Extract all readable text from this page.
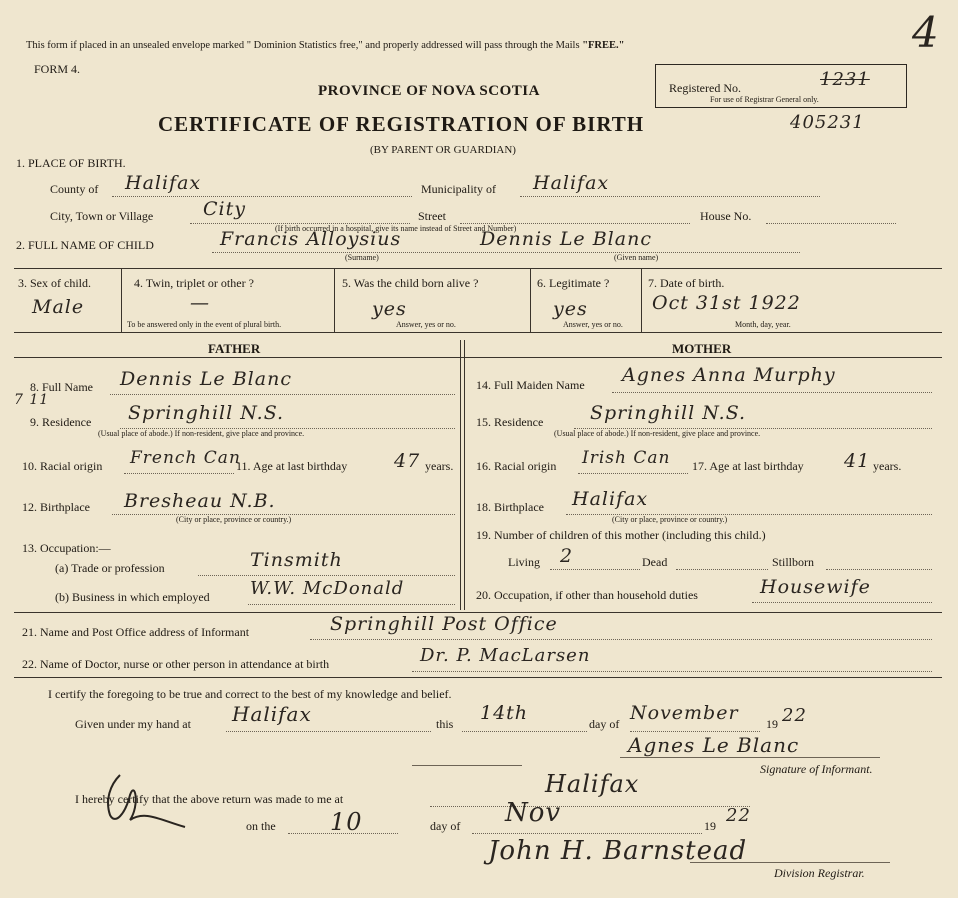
This form if placed in an unsealed envelope marked " Dominion Statistics free," and properly addressed will pass through the Mails "FREE."
FORM 4.
PROVINCE OF NOVA SCOTIA
CERTIFICATE OF REGISTRATION OF BIRTH
(BY PARENT OR GUARDIAN)
Registered No.	1231
For use of Registrar General only.
405231
4
1. PLACE OF BIRTH.
County of Halifax	Municipality of Halifax
City, Town or Village	City	Street	House No.
(If birth occurred in a hospital, give its name instead of Street and Number)
2. FULL NAME OF CHILD	Francis Alloysius	Dennis Le Blanc
(Surname)	(Given name)
3. Sex of child.
Male
4. Twin, triplet or other ?
—
To be answered only in the event of plural birth.
5. Was the child born alive ?
yes
Answer, yes or no.
6. Legitimate ?
yes
Answer, yes or no.
7. Date of birth.
Oct 31st 1922
Month, day, year.
FATHER	MOTHER
7 11
8. Full Name Dennis Le Blanc
9. Residence Springhill N.S.
(Usual place of abode.) If non-resident, give place and province.
10. Racial origin French Can
11. Age at last birthday 47 years.
12. Birthplace Bresheau N.B.
(City or place, province or country.)
13. Occupation:—
(a) Trade or profession	Tinsmith
(b) Business in which employed W.W. McDonald
14. Full Maiden Name Agnes Anna Murphy
15. Residence Springhill N.S.
(Usual place of abode.) If non-resident, give place and province.
16. Racial origin Irish Can 17. Age at last birthday 41 years.
18. Birthplace Halifax
(City or place, province or country.)
19. Number of children of this mother (including this child.)
Living 2	Dead	Stillborn
20. Occupation, if other than household duties	Housewife
21. Name and Post Office address of Informant	Springhill Post Office
22. Name of Doctor, nurse or other person in attendance at birth	Dr. P. MacLarsen
I certify the foregoing to be true and correct to the best of my knowledge and belief.
Given under my hand at Halifax	this 14th	day of November 19 22
Agnes Le Blanc
Signature of Informant.
I hereby certify that the above return was made to me at
Halifax
on the 10	day of Nov	19 22
John H. Barnstead
Division Registrar.
